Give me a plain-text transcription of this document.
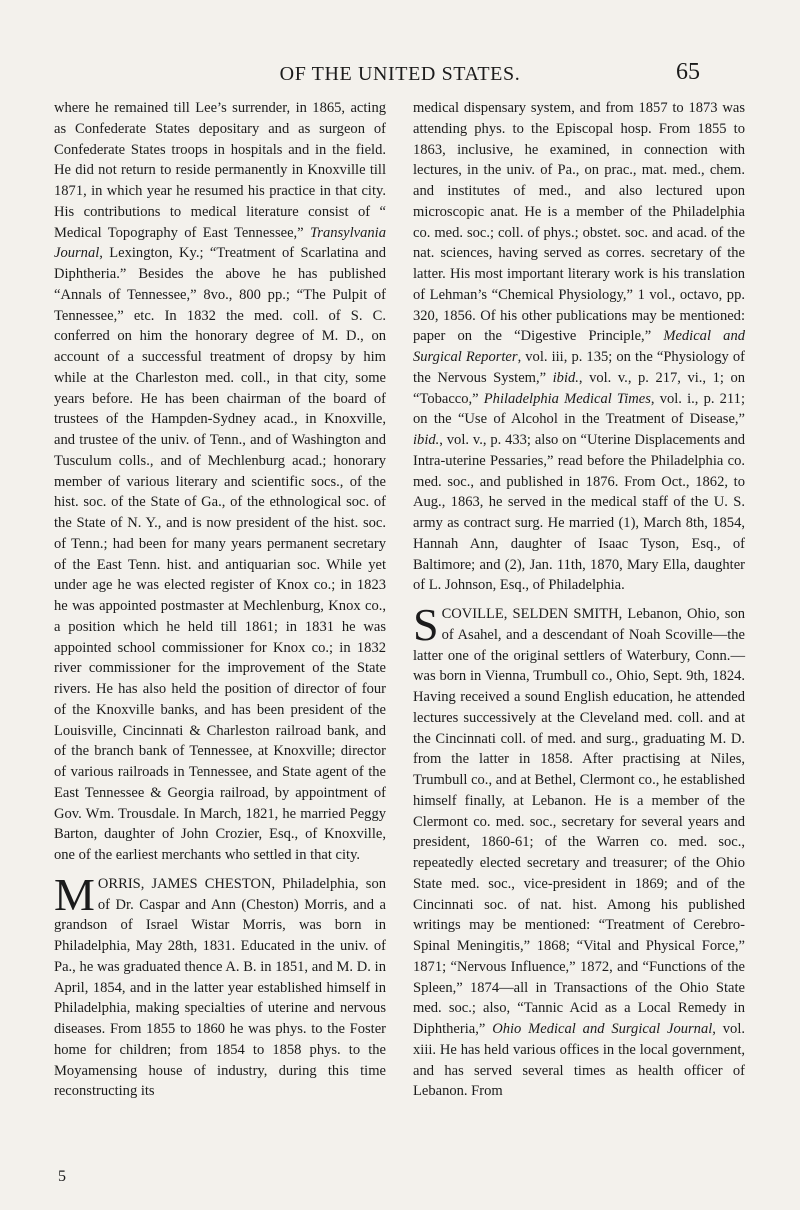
OF THE UNITED STATES.	65

where he remained till Lee’s surrender, in 1865, acting as Confederate States depositary and as surgeon of Confederate States troops in hospitals and in the field. He did not return to reside permanently in Knoxville till 1871, in which year he resumed his practice in that city. His contributions to medical literature consist of “ Medical Topography of East Tennessee,” Transylvania Journal, Lexington, Ky.; “Treatment of Scarlatina and Diphtheria.” Besides the above he has published “Annals of Tennessee,” 8vo., 800 pp.; “The Pulpit of Tennessee,” etc. In 1832 the med. coll. of S. C. conferred on him the honorary degree of M. D., on account of a successful treatment of dropsy by him while at the Charleston med. coll., in that city, some years before. He has been chairman of the board of trustees of the Hampden-Sydney acad., in Knoxville, and trustee of the univ. of Tenn., and of Washington and Tusculum colls., and of Mechlenburg acad.; honorary member of various literary and scientific socs., of the hist. soc. of the State of Ga., of the ethnological soc. of the State of N. Y., and is now president of the hist. soc. of Tenn.; had been for many years permanent secretary of the East Tenn. hist. and antiquarian soc. While yet under age he was elected register of Knox co.; in 1823 he was appointed postmaster at Mechlenburg, Knox co., a position which he held till 1861; in 1831 he was appointed school commissioner for Knox co.; in 1832 river commissioner for the improvement of the State rivers. He has also held the position of director of four of the Knoxville banks, and has been president of the Louisville, Cincinnati & Charleston railroad bank, and of the branch bank of Tennessee, at Knoxville; director of various railroads in Tennessee, and State agent of the East Tennessee & Georgia railroad, by appointment of Gov. Wm. Trousdale. In March, 1821, he married Peggy Barton, daughter of John Crozier, Esq., of Knoxville, one of the earliest merchants who settled in that city.

MORRIS, JAMES CHESTON, Philadelphia, son of Dr. Caspar and Ann (Cheston) Morris, and a grandson of Israel Wistar Morris, was born in Philadelphia, May 28th, 1831. Educated in the univ. of Pa., he was graduated thence A. B. in 1851, and M. D. in April, 1854, and in the latter year established himself in Philadelphia, making specialties of uterine and nervous diseases. From 1855 to 1860 he was phys. to the Foster home for children; from 1854 to 1858 phys. to the Moyamensing house of industry, during this time reconstructing its

medical dispensary system, and from 1857 to 1873 was attending phys. to the Episcopal hosp. From 1855 to 1863, inclusive, he examined, in connection with lectures, in the univ. of Pa., on prac., mat. med., chem. and institutes of med., and also lectured upon microscopic anat. He is a member of the Philadelphia co. med. soc.; coll. of phys.; obstet. soc. and acad. of the nat. sciences, having served as corres. secretary of the latter. His most important literary work is his translation of Lehman’s “Chemical Physiology,” 1 vol., octavo, pp. 320, 1856. Of his other publications may be mentioned: paper on the “Digestive Principle,” Medical and Surgical Reporter, vol. iii, p. 135; on the “Physiology of the Nervous System,” ibid., vol. v., p. 217, vi., 1; on “Tobacco,” Philadelphia Medical Times, vol. i., p. 211; on the “Use of Alcohol in the Treatment of Disease,” ibid., vol. v., p. 433; also on “Uterine Displacements and Intra-uterine Pessaries,” read before the Philadelphia co. med. soc., and published in 1876. From Oct., 1862, to Aug., 1863, he served in the medical staff of the U. S. army as contract surg. He married (1), March 8th, 1854, Hannah Ann, daughter of Isaac Tyson, Esq., of Baltimore; and (2), Jan. 11th, 1870, Mary Ella, daughter of L. Johnson, Esq., of Philadelphia.

SCOVILLE, SELDEN SMITH, Lebanon, Ohio, son of Asahel, and a descendant of Noah Scoville—the latter one of the original settlers of Waterbury, Conn.—was born in Vienna, Trumbull co., Ohio, Sept. 9th, 1824. Having received a sound English education, he attended lectures successively at the Cleveland med. coll. and at the Cincinnati coll. of med. and surg., graduating M. D. from the latter in 1858. After practising at Niles, Trumbull co., and at Bethel, Clermont co., he established himself finally, at Lebanon. He is a member of the Clermont co. med. soc., secretary for several years and president, 1860-61; of the Warren co. med. soc., repeatedly elected secretary and treasurer; of the Ohio State med. soc., vice-president in 1869; and of the Cincinnati soc. of nat. hist. Among his published writings may be mentioned: “Treatment of Cerebro-Spinal Meningitis,” 1868; “Vital and Physical Force,” 1871; “Nervous Influence,” 1872, and “Functions of the Spleen,” 1874—all in Transactions of the Ohio State med. soc.; also, “Tannic Acid as a Local Remedy in Diphtheria,” Ohio Medical and Surgical Journal, vol. xiii. He has held various offices in the local government, and has served several times as health officer of Lebanon. From

5
